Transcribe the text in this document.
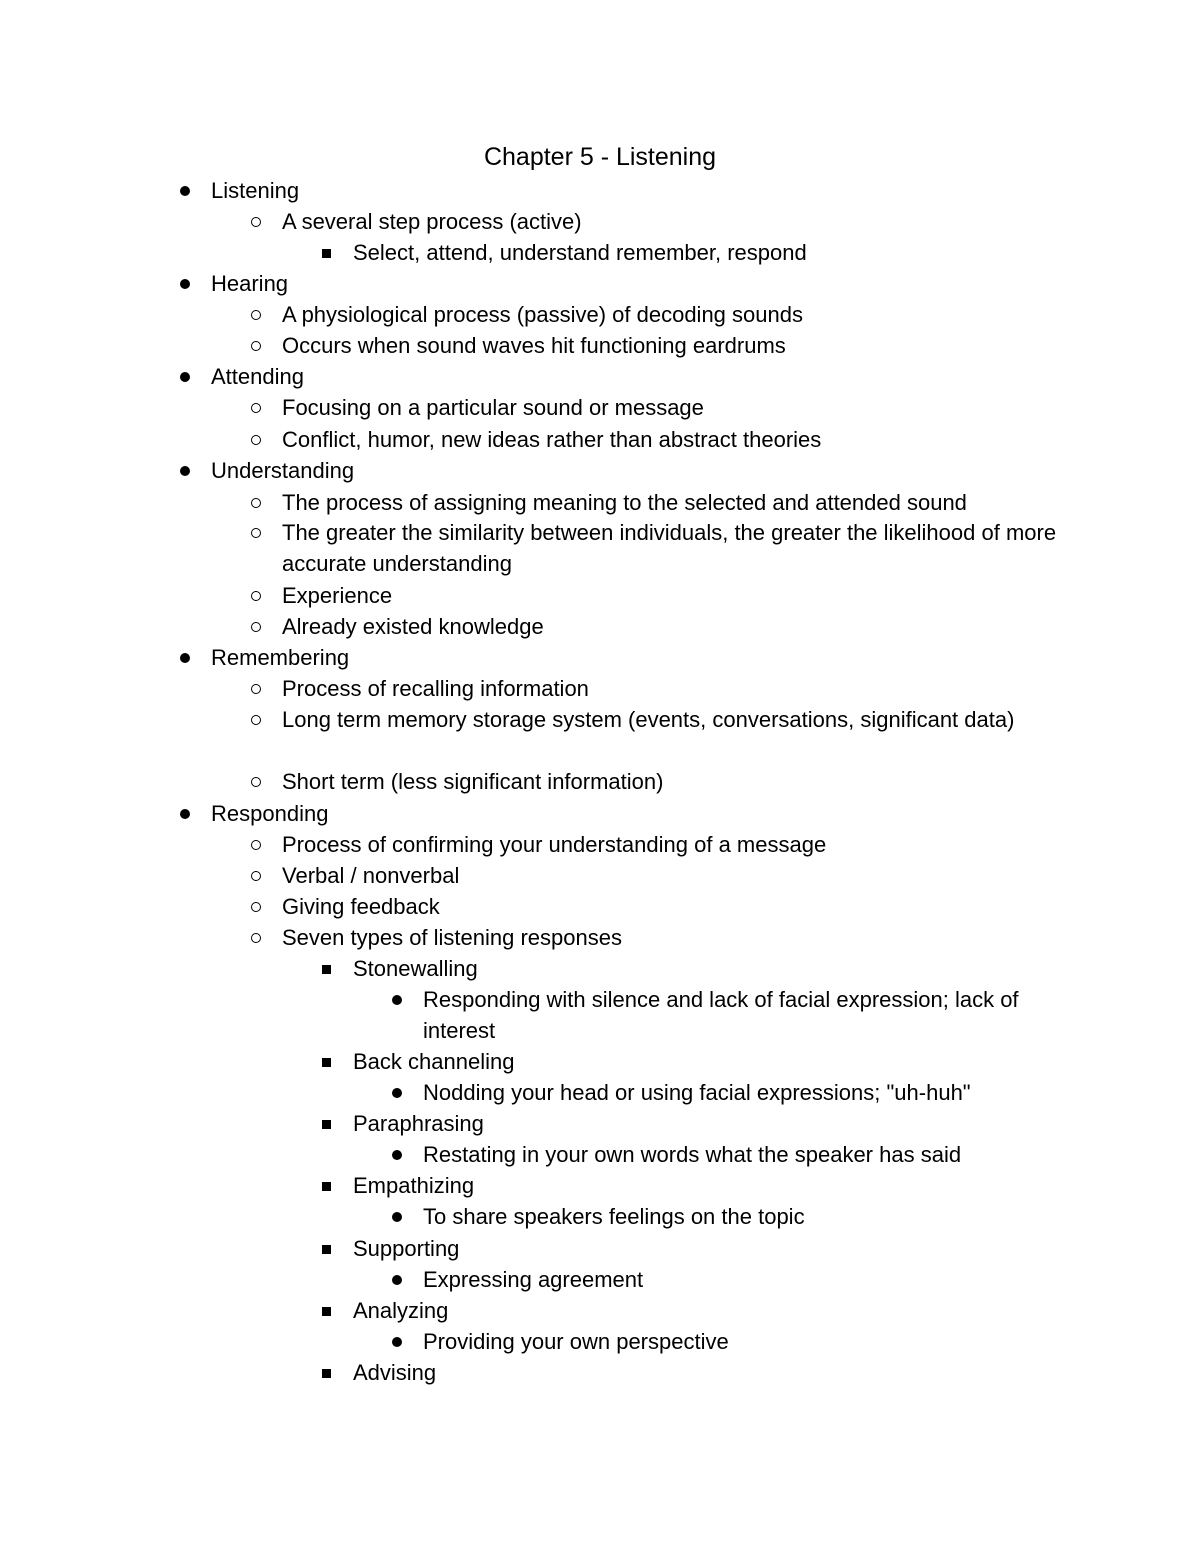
Chapter 5 - Listening
Listening
A several step process (active)
Select, attend, understand remember, respond
Hearing
A physiological process (passive) of decoding sounds
Occurs when sound waves hit functioning eardrums
Attending
Focusing on a particular sound or message
Conflict, humor, new ideas rather than abstract theories
Understanding
The process of assigning meaning to the selected and attended sound
The greater the similarity between individuals, the greater the likelihood of more accurate understanding
Experience
Already existed knowledge
Remembering
Process of recalling information
Long term memory storage system (events, conversations, significant data)
Short term (less significant information)
Responding
Process of confirming your understanding of a message
Verbal / nonverbal
Giving feedback
Seven types of listening responses
Stonewalling
Responding with silence and lack of facial expression; lack of interest
Back channeling
Nodding your head or using facial expressions; "uh-huh"
Paraphrasing
Restating in your own words what the speaker has said
Empathizing
To share speakers feelings on the topic
Supporting
Expressing agreement
Analyzing
Providing your own perspective
Advising
